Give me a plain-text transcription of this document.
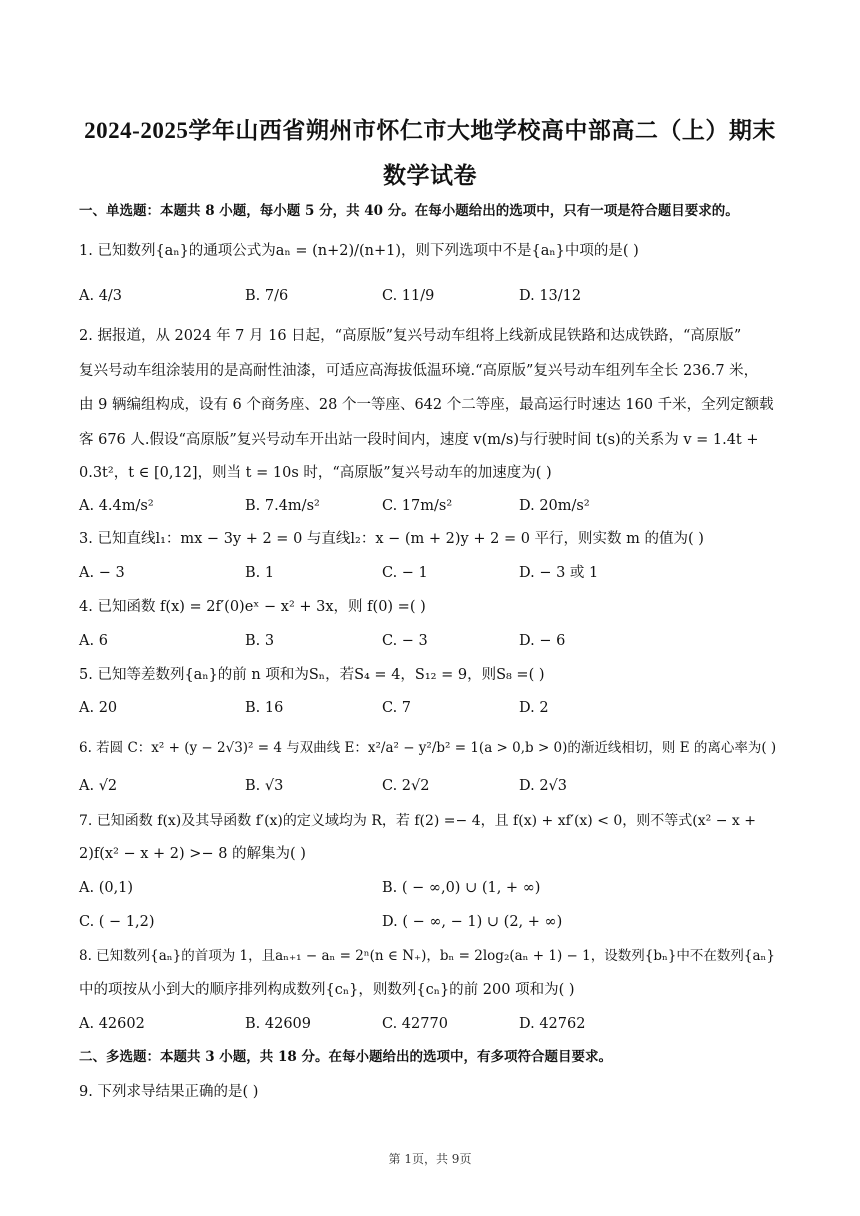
2024-2025学年山西省朔州市怀仁市大地学校高中部高二（上）期末
数学试卷
一、单选题：本题共 8 小题，每小题 5 分，共 40 分。在每小题给出的选项中，只有一项是符合题目要求的。
1. 已知数列{aₙ}的通项公式为aₙ = (n+2)/(n+1)，则下列选项中不是{aₙ}中项的是( )
A. 4/3	B. 7/6	C. 11/9	D. 13/12
2. 据报道，从 2024 年 7 月 16 日起，“高原版”复兴号动车组将上线新成昆铁路和达成铁路，“高原版”
复兴号动车组涂装用的是高耐性油漆，可适应高海拔低温环境.“高原版”复兴号动车组列车全长 236.7 米，
由 9 辆编组构成，设有 6 个商务座、28 个一等座、642 个二等座，最高运行时速达 160 千米，全列定额载
客 676 人.假设“高原版”复兴号动车开出站一段时间内，速度 v(m/s)与行驶时间 t(s)的关系为 v = 1.4t +
0.3t²，t ∈ [0,12]，则当 t = 10s 时，“高原版”复兴号动车的加速度为( )
A. 4.4m/s²	B. 7.4m/s²	C. 17m/s²	D. 20m/s²
3. 已知直线l₁：mx − 3y + 2 = 0 与直线l₂：x − (m + 2)y + 2 = 0 平行，则实数 m 的值为( )
A. − 3	B. 1	C. − 1	D. − 3 或 1
4. 已知函数 f(x) = 2f′(0)eˣ − x² + 3x，则 f(0) =( )
A. 6	B. 3	C. − 3	D. − 6
5. 已知等差数列{aₙ}的前 n 项和为Sₙ，若S₄ = 4，S₁₂ = 9，则S₈ =( )
A. 20	B. 16	C. 7	D. 2
6. 若圆 C：x² + (y − 2√3)² = 4 与双曲线 E：x²/a² − y²/b² = 1(a > 0,b > 0)的渐近线相切，则 E 的离心率为( )
A. √2	B. √3	C. 2√2	D. 2√3
7. 已知函数 f(x)及其导函数 f′(x)的定义域均为 R，若 f(2) =− 4，且 f(x) + xf′(x) < 0，则不等式(x² − x +
2)f(x² − x + 2) >− 8 的解集为( )
A. (0,1)	B. ( − ∞,0) ∪ (1, + ∞)
C. ( − 1,2)	D. ( − ∞, − 1) ∪ (2, + ∞)
8. 已知数列{aₙ}的首项为 1，且aₙ₊₁ − aₙ = 2ⁿ(n ∈ N₊)，bₙ = 2log₂(aₙ + 1) − 1，设数列{bₙ}中不在数列{aₙ}
中的项按从小到大的顺序排列构成数列{cₙ}，则数列{cₙ}的前 200 项和为( )
A. 42602	B. 42609	C. 42770	D. 42762
二、多选题：本题共 3 小题，共 18 分。在每小题给出的选项中，有多项符合题目要求。
9. 下列求导结果正确的是( )
第 1页，共 9页
